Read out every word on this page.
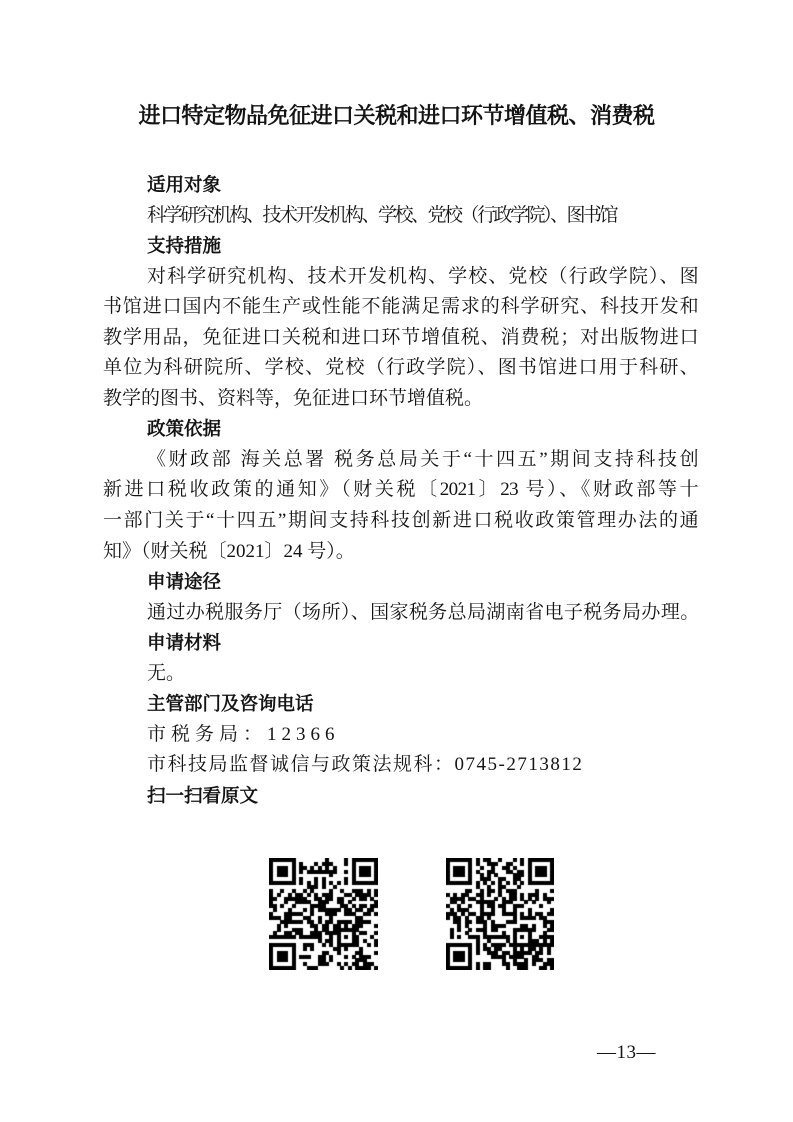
进口特定物品免征进口关税和进口环节增值税、消费税
适用对象
科学研究机构、技术开发机构、学校、党校（行政学院）、图书馆
支持措施
对科学研究机构、技术开发机构、学校、党校（行政学院）、图
书馆进口国内不能生产或性能不能满足需求的科学研究、科技开发和
教学用品，免征进口关税和进口环节增值税、消费税；对出版物进口
单位为科研院所、学校、党校（行政学院）、图书馆进口用于科研、
教学的图书、资料等，免征进口环节增值税。
政策依据
《财政部 海关总署 税务总局关于“十四五”期间支持科技创
新进口税收政策的通知》（财关税〔2021〕23 号）、《财政部等十
一部门关于“十四五”期间支持科技创新进口税收政策管理办法的通
知》（财关税〔2021〕24 号）。
申请途径
通过办税服务厅（场所）、国家税务总局湖南省电子税务局办理。
申请材料
无。
主管部门及咨询电话
市税务局：12366
市科技局监督诚信与政策法规科：0745-2713812
扫一扫看原文
—13—
